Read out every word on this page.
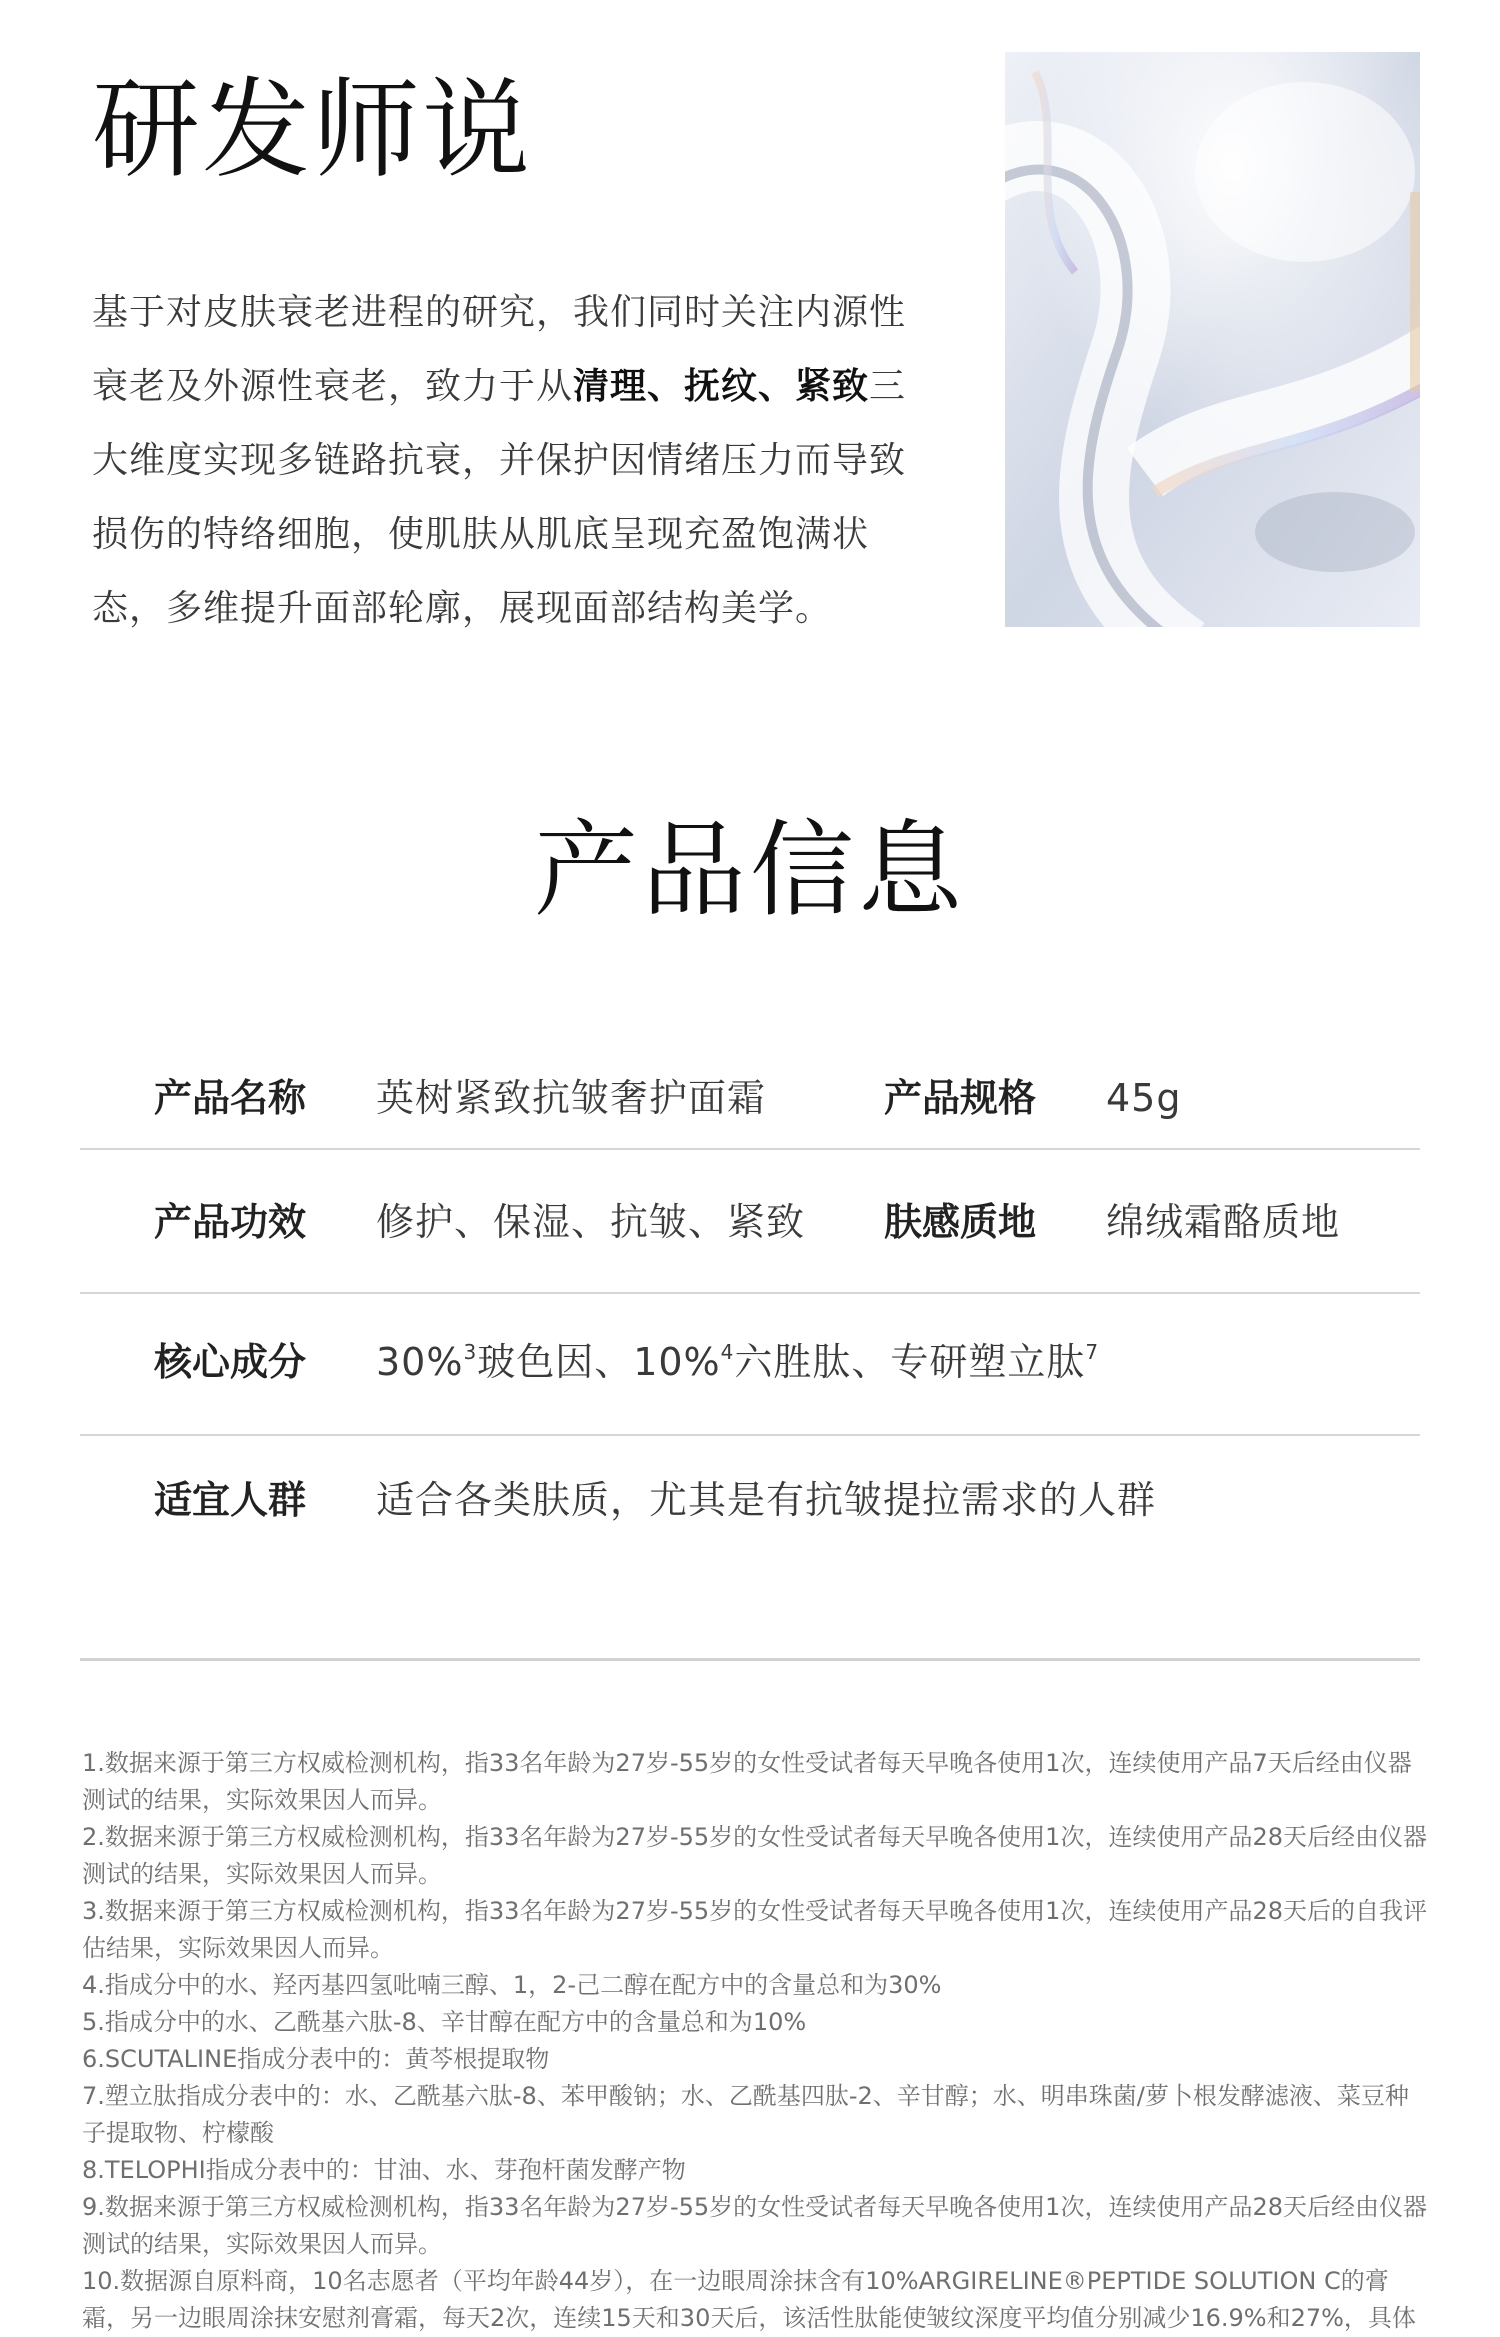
研发师说

基于对皮肤衰老进程的研究，我们同时关注内源性衰老及外源性衰老，致力于从清理、抚纹、紧致三大维度实现多链路抗衰，并保护因情绪压力而导致损伤的特络细胞，使肌肤从肌底呈现充盈饱满状态，多维提升面部轮廓，展现面部结构美学。

产品信息
产品名称 英树紧致抗皱奢护面霜	产品规格 45g
产品功效 修护、保湿、抗皱、紧致 肤感质地 绵绒霜酪质地
核心成分 30%$^3$玻色因、10%$^4$六胜肽、专研塑立肽$^7$
适宜人群 适合各类肤质，尤其是有抗皱提拉需求的人群
1.数据来源于第三方权威检测机构，指33名年龄为27岁-55岁的女性受试者每天早晚各使用1次，连续使用产品7天后经由仪器测试的结果，实际效果因人而异。
2.数据来源于第三方权威检测机构，指33名年龄为27岁-55岁的女性受试者每天早晚各使用1次，连续使用产品28天后经由仪器测试的结果，实际效果因人而异。
3.数据来源于第三方权威检测机构，指33名年龄为27岁-55岁的女性受试者每天早晚各使用1次，连续使用产品28天后的自我评估结果，实际效果因人而异。
4.指成分中的水、羟丙基四氢吡喃三醇、1，2-己二醇在配方中的含量总和为30%
5.指成分中的水、乙酰基六肽-8、辛甘醇在配方中的含量总和为10%
6.SCUTALINE指成分表中的：黄芩根提取物
7.塑立肽指成分表中的：水、乙酰基六肽-8、苯甲酸钠；水、乙酰基四肽-2、辛甘醇；水、明串珠菌/萝卜根发酵滤液、菜豆种子提取物、柠檬酸
8.TELOPHI指成分表中的：甘油、水、芽孢杆菌发酵产物
9.数据来源于第三方权威检测机构，指33名年龄为27岁-55岁的女性受试者每天早晚各使用1次，连续使用产品28天后经由仪器测试的结果，实际效果因人而异。
10.数据源自原料商，10名志愿者（平均年龄44岁），在一边眼周涂抹含有10%ARGIRELINE®PEPTIDE SOLUTION C的膏霜，另一边眼周涂抹安慰剂膏霜，每天2次，连续15天和30天后，该活性肽能使皱纹深度平均值分别减少16.9%和27%，具体
